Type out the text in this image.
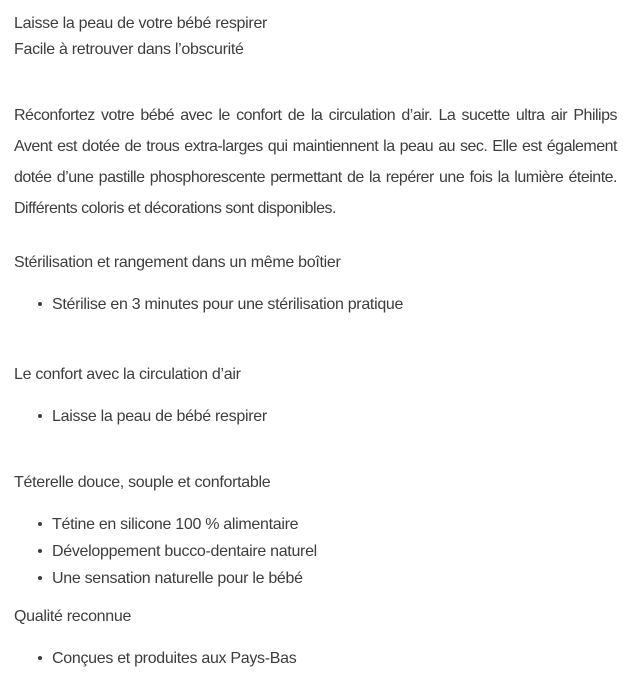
Laisse la peau de votre bébé respirer
Facile à retrouver dans l’obscurité

Réconfortez votre bébé avec le confort de la circulation d’air. La sucette ultra air Philips Avent est dotée de trous extra-larges qui maintiennent la peau au sec. Elle est également dotée d’une pastille phosphorescente permettant de la repérer une fois la lumière éteinte. Différents coloris et décorations sont disponibles.

Stérilisation et rangement dans un même boîtier
Stérilise en 3 minutes pour une stérilisation pratique
Le confort avec la circulation d’air
Laisse la peau de bébé respirer
Téterelle douce, souple et confortable
Tétine en silicone 100 % alimentaire
Développement bucco-dentaire naturel
Une sensation naturelle pour le bébé
Qualité reconnue
Conçues et produites aux Pays-Bas
